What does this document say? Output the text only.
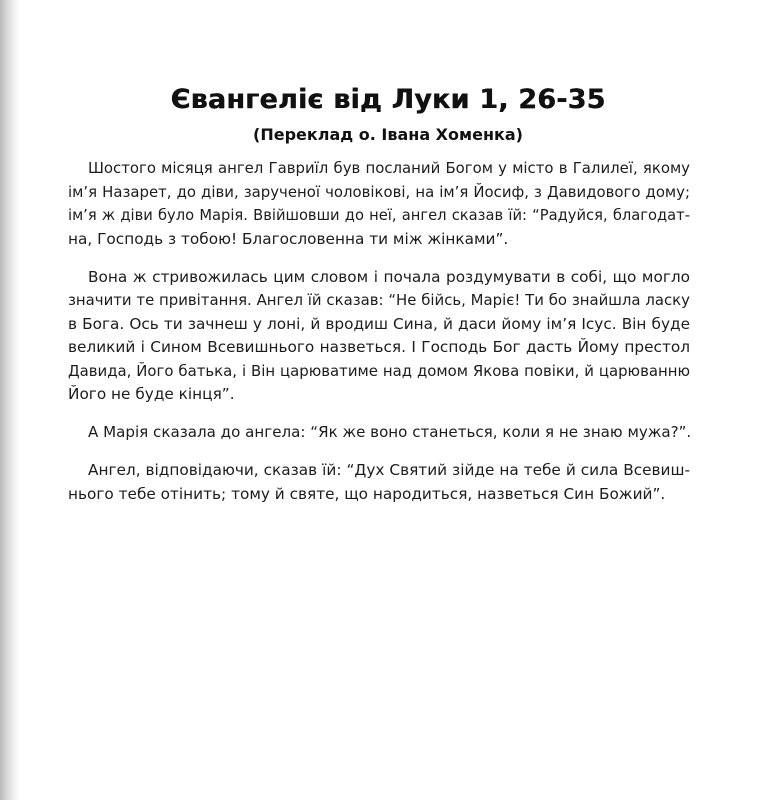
Євангеліє від Луки 1, 26-35
(Переклад о. Івана Хоменка)
Шостого місяця ангел Гавриїл був посланий Богом у місто в Галилеї, якому
ім’я Назарет, до діви, зарученої чоловікові, на ім’я Йосиф, з Давидового дому;
ім’я ж діви було Марія. Ввійшовши до неї, ангел сказав їй: “Радуйся, благодат-
на, Господь з тобою! Благословенна ти між жінками”.
Вона ж стривожилась цим словом і почала роздумувати в собі, що могло
значити те привітання. Ангел їй сказав: “Не бійсь, Маріє! Ти бо знайшла ласку
в Бога. Ось ти зачнеш у лоні, й вродиш Сина, й даси йому ім’я Ісус. Він буде
великий і Сином Всевишнього назветься. І Господь Бог дасть Йому престол
Давида, Його батька, і Він царюватиме над домом Якова повіки, й царюванню
Його не буде кінця”.
А Марія сказала до ангела: “Як же воно станеться, коли я не знаю мужа?”.
Ангел, відповідаючи, сказав їй: “Дух Святий зійде на тебе й сила Всевиш-
нього тебе отінить; тому й святе, що народиться, назветься Син Божий”.
